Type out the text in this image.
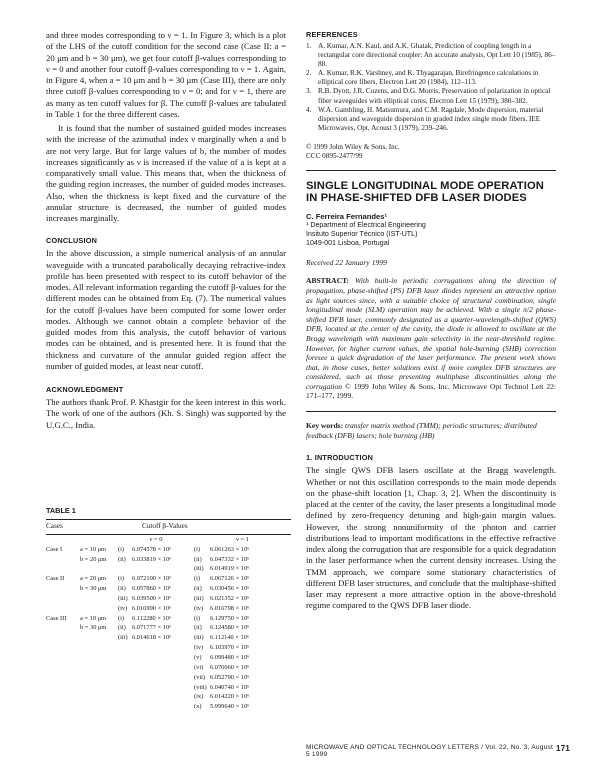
and three modes corresponding to ν = 1. In Figure 3, which is a plot of the LHS of the cutoff condition for the second case (Case II: a = 20 μm and b = 30 μm), we get four cutoff β-values corresponding to ν = 0 and another four cutoff β-values corresponding to ν = 1. Again, in Figure 4, when a = 10 μm and b = 30 μm (Case III), there are only three cutoff β-values corresponding to ν = 0; and for ν = 1, there are as many as ten cutoff values for β. The cutoff β-values are tabulated in Table 1 for the three different cases.

It is found that the number of sustained guided modes increases with the increase of the azimuthal index ν marginally when a and b are not very large. But for large values of b, the number of modes increases significantly as ν is increased if the value of a is kept at a comparatively small value. This means that, when the thickness of the guiding region increases, the number of guided modes increases. Also, when the thickness is kept fixed and the curvature of the annular structure is decreased, the number of guided modes increases marginally.

CONCLUSION

In the above discussion, a simple numerical analysis of an annular waveguide with a truncated parabolically decaying refractive-index profile has been presented with respect to its cutoff behavior of the modes. All relevant information regarding the cutoff β-values for the different modes can be obtained from Eq. (7). The numerical values for the cutoff β-values have been computed for some lower order modes. Although we cannot obtain a complete behavior of the guided modes from this analysis, the cutoff behavior of various modes can be obtained, and is presented here. It is found that the thickness and curvature of the annular guided region affect the number of guided modes, at least near cutoff.

ACKNOWLEDGMENT

The authors thank Prof. P. Khastgir for the keen interest in this work. The work of one of the authors (Kh. S. Singh) was supported by the U.G.C., India.

TABLE 1
Cases	Cutoff β-Values
		ν = 0		ν = 1	
Case I	a = 10 μm	(i)	6.074578 × 10⁶	(i)	6.061263 × 10⁶
	b = 20 μm	(ii)	6.033819 × 10⁶	(ii)	6.047332 × 10⁶
				(iii)	6.014919 × 10⁶
Case II	a = 20 μm	(i)	6.072100 × 10⁶	(i)	6.067126 × 10⁶
	b = 30 μm	(ii)	6.057860 × 10⁶	(ii)	6.030456 × 10⁶
		(iii)	6.039500 × 10⁶	(iii)	6.021352 × 10⁶
		(iv)	6.016990 × 10⁶	(iv)	6.016798 × 10⁶
Case III	a = 10 μm	(i)	6.112280 × 10⁶	(i)	6.129750 × 10⁶
	b = 30 μm	(ii)	6.071777 × 10⁶	(ii)	6.124580 × 10⁶
		(iii)	6.014618 × 10⁶	(iii)	6.112140 × 10⁶
				(iv)	6.103970 × 10⁶
				(v)	6.099480 × 10⁶
				(vi)	6.076060 × 10⁶
				(vii)	6.052790 × 10⁶
				(viii)	6.040740 × 10⁶
				(ix)	6.014220 × 10⁶
				(x)	5.999640 × 10⁶
REFERENCES
1. A. Kumar, A.N. Kaul, and A.K. Ghatak, Prediction of coupling length in a rectangular core directional coupler: An accurate analysis, Opt Lett 10 (1985), 86–88.
2. A. Kumar, R.K. Varshney, and K. Thyagarajan, Birefringence calculations in elliptical core fibers, Electron Lett 20 (1984), 112–113.
3. R.B. Dyott, J.R. Cozens, and D.G. Morris, Preservation of polarization in optical fiber waveguides with elliptical cores, Electron Lett 15 (1979), 380–382.
4. W.A. Gambling, H. Matsumura, and C.M. Ragdale, Mode dispersion, material dispersion and waveguide dispersion in graded index single mode fibers, IEE Microwaves, Opt, Acoust 3 (1979), 239–246.
© 1999 John Wiley & Sons, Inc.
CCC 0895-2477/99
SINGLE LONGITUDINAL MODE OPERATION IN PHASE-SHIFTED DFB LASER DIODES
C. Ferreira Fernandes¹
¹ Department of Electrical Engineering
Insituto Superior Técnico (IST-UTL)
1049-001 Lisboa, Portugal
Received 22 January 1999
ABSTRACT: With built-in periodic corrugations along the direction of propagation, phase-shifted (PS) DFB laser diodes represent an attractive option as light sources since, with a suitable choice of structural combination, single longitudinal mode (SLM) operation may be achieved. With a single π/2 phase-shifted DFB laser, commonly designated as a quarter-wavelength-shifted (QWS) DFB, located at the center of the cavity, the diode is allowed to oscillate at the Bragg wavelength with maximum gain selectivity in the near-threshold regime. However, for higher current values, the spatial hole-burning (SHB) correction foresee a quick degradation of the laser performance. The present work shows that, in those cases, better solutions exist if more complex DFB structures are considered, such as those presenting multiphase discontinuities along the corrugation © 1999 John Wiley & Sons, Inc. Microwave Opt Technol Lett 22: 171–177, 1999.
Key words: transfer matrix method (TMM); periodic structures; distributed feedback (DFB) lasers; hole burning (HB)
1. INTRODUCTION

The single QWS DFB lasers oscillate at the Bragg wavelength. Whether or not this oscillation corresponds to the main mode depends on the phase-shift location [1, Chap. 3, 2]. When the discontinuity is placed at the center of the cavity, the laser presents a longitudinal mode defined by zero-frequency detuning and high-gain margin values. However, the strong nonuniformity of the photon and carrier distributions lead to important modifications in the effective refractive index along the corrugation that are responsible for a quick degradation in the laser performance when the current density increases. Using the TMM approach, we compare some stationary characteristics of different DFB laser structures, and conclude that the multiphase-shifted laser may represent a more attractive option in the above-threshold regime compared to the QWS DFB laser diode.

MICROWAVE AND OPTICAL TECHNOLOGY LETTERS / Vol. 22, No. 3, August 5 1999
171
